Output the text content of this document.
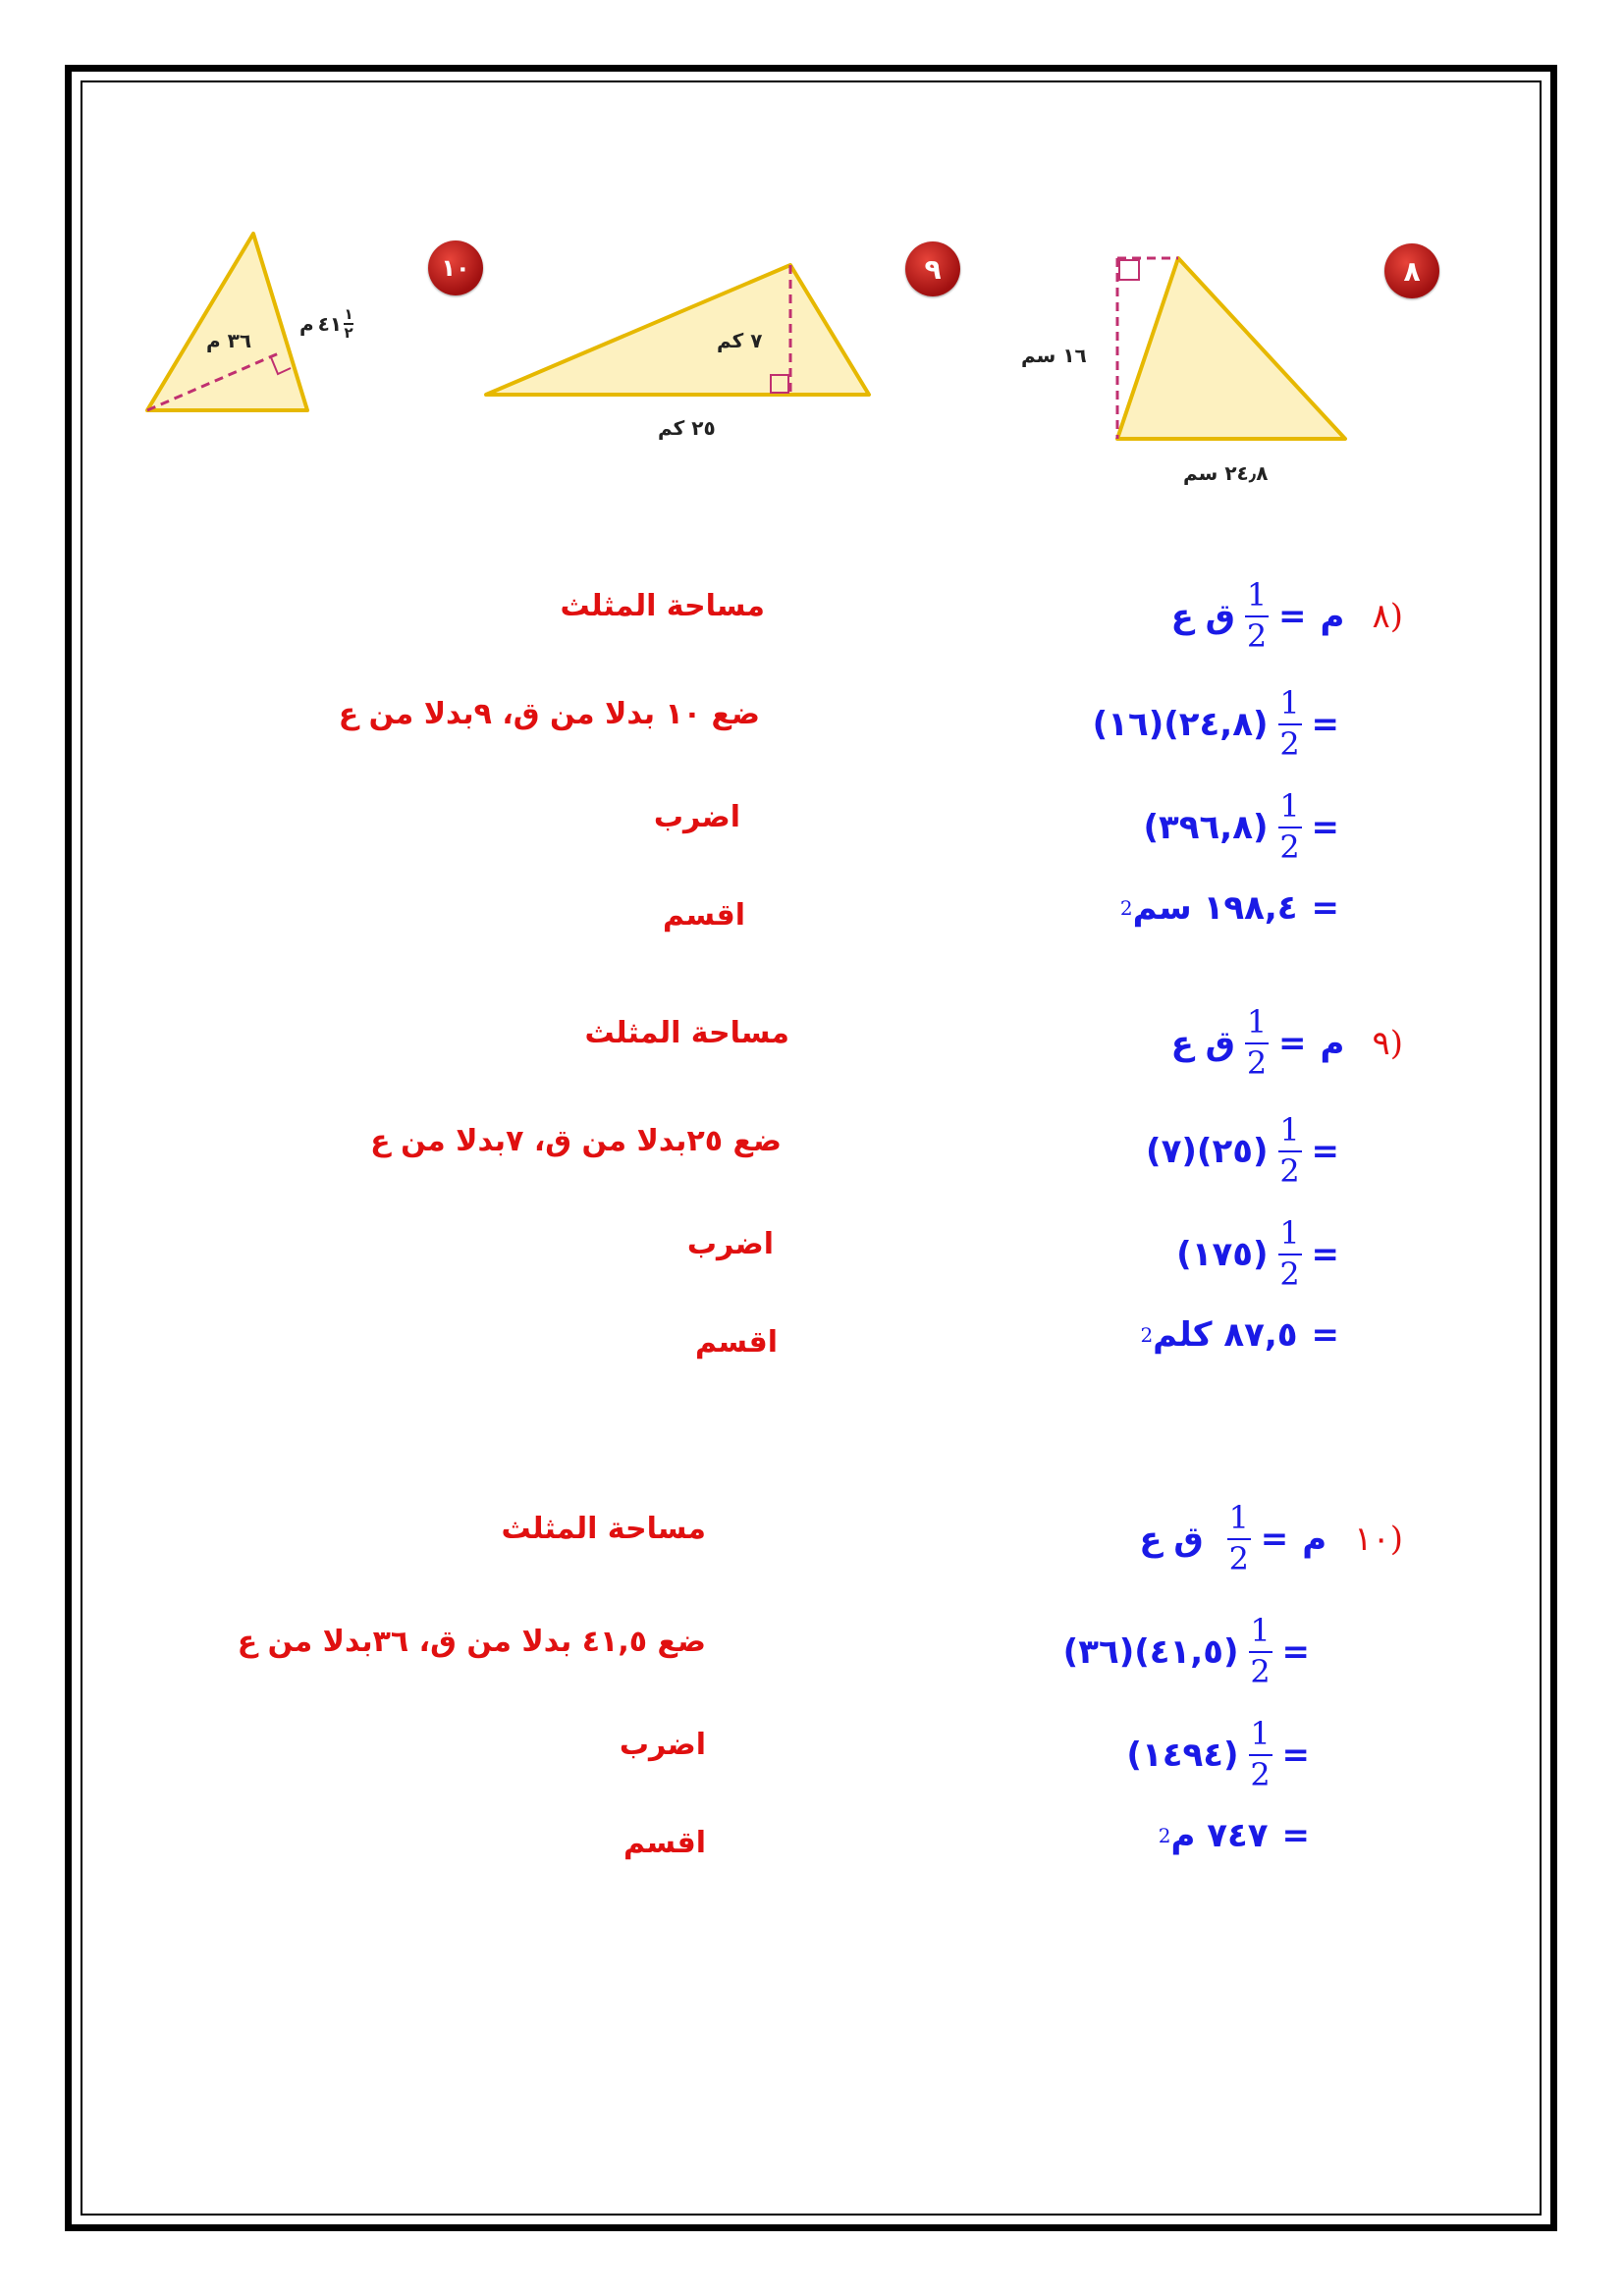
٨
١٦ سم
٢٤٫٨ سم
٩
٧ كم
٢٥ كم
١٠
٣٦ م
م ٤١ ١
٢
ق ع $\frac{1}{2}$ = م ٨)
مساحة المثلث
(١٦)(٢٤,٨) $\frac{1}{2}$ =
ضع ١٠ بدلا من ق، ٩بدلا من ع
(٣٩٦,٨) $\frac{1}{2}$ =
اضرب
2 ١٩٨,٤ سم =
اقسم
ق ع $\frac{1}{2}$ = م ٩)
مساحة المثلث
(٧)(٢٥) $\frac{1}{2}$ =
ضع ٢٥بدلا من ق، ٧بدلا من ع
(١٧٥) $\frac{1}{2}$ =
اضرب
2 ٨٧,٥ كلم =
اقسم
ق ع $\frac{1}{2}$ = م ١٠)
مساحة المثلث
(٣٦)(٤١,٥) $\frac{1}{2}$ =
ضع ٤١,٥ بدلا من ق، ٣٦بدلا من ع
(١٤٩٤) $\frac{1}{2}$ =
اضرب
2 ٧٤٧ م =
اقسم
